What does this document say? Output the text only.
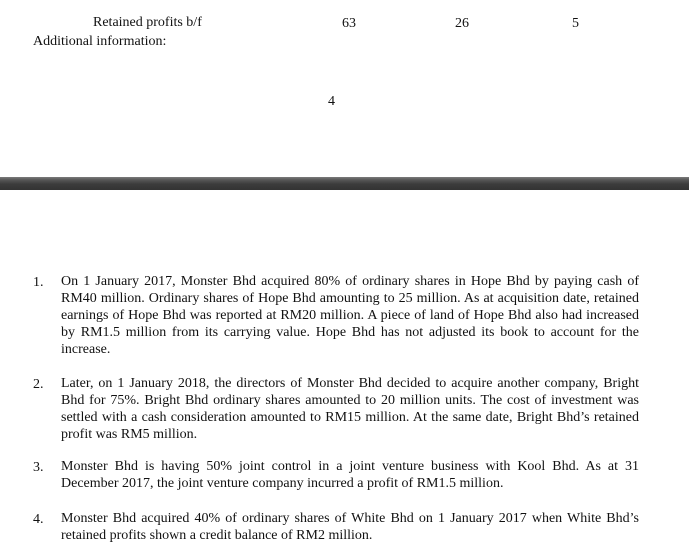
Retained profits b/f	63	26	5
Additional information:
4
1. On 1 January 2017, Monster Bhd acquired 80% of ordinary shares in Hope Bhd by paying cash of RM40 million. Ordinary shares of Hope Bhd amounting to 25 million. As at acquisition date, retained earnings of Hope Bhd was reported at RM20 million. A piece of land of Hope Bhd also had increased by RM1.5 million from its carrying value. Hope Bhd has not adjusted its book to account for the increase.
2. Later, on 1 January 2018, the directors of Monster Bhd decided to acquire another company, Bright Bhd for 75%. Bright Bhd ordinary shares amounted to 20 million units. The cost of investment was settled with a cash consideration amounted to RM15 million. At the same date, Bright Bhd’s retained profit was RM5 million.
3. Monster Bhd is having 50% joint control in a joint venture business with Kool Bhd. As at 31 December 2017, the joint venture company incurred a profit of RM1.5 million.
4. Monster Bhd acquired 40% of ordinary shares of White Bhd on 1 January 2017 when White Bhd’s retained profits shown a credit balance of RM2 million.
